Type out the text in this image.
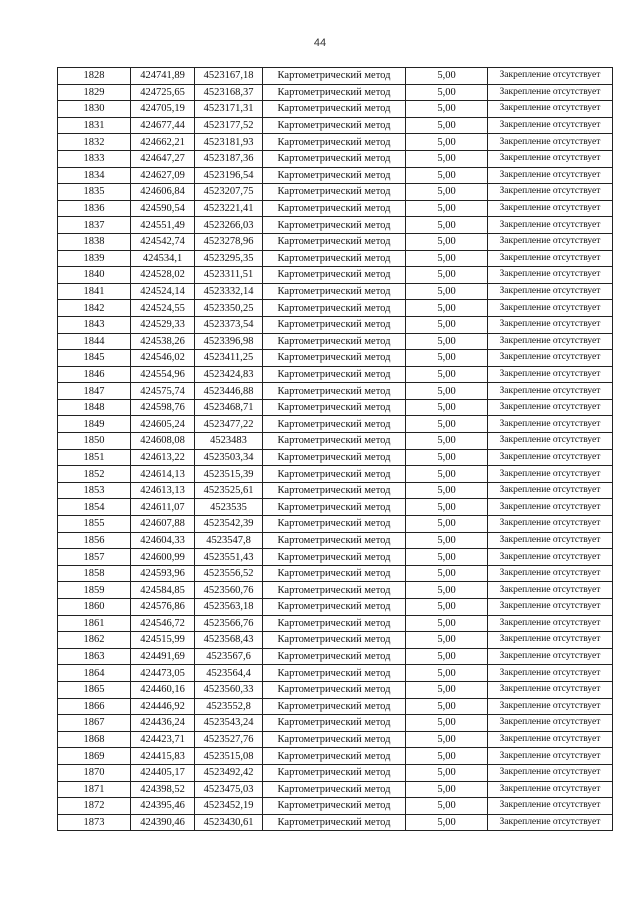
44
1828	424741,89	4523167,18	Картометрический метод	5,00	Закрепление отсутствует
1829	424725,65	4523168,37	Картометрический метод	5,00	Закрепление отсутствует
1830	424705,19	4523171,31	Картометрический метод	5,00	Закрепление отсутствует
1831	424677,44	4523177,52	Картометрический метод	5,00	Закрепление отсутствует
1832	424662,21	4523181,93	Картометрический метод	5,00	Закрепление отсутствует
1833	424647,27	4523187,36	Картометрический метод	5,00	Закрепление отсутствует
1834	424627,09	4523196,54	Картометрический метод	5,00	Закрепление отсутствует
1835	424606,84	4523207,75	Картометрический метод	5,00	Закрепление отсутствует
1836	424590,54	4523221,41	Картометрический метод	5,00	Закрепление отсутствует
1837	424551,49	4523266,03	Картометрический метод	5,00	Закрепление отсутствует
1838	424542,74	4523278,96	Картометрический метод	5,00	Закрепление отсутствует
1839	424534,1	4523295,35	Картометрический метод	5,00	Закрепление отсутствует
1840	424528,02	4523311,51	Картометрический метод	5,00	Закрепление отсутствует
1841	424524,14	4523332,14	Картометрический метод	5,00	Закрепление отсутствует
1842	424524,55	4523350,25	Картометрический метод	5,00	Закрепление отсутствует
1843	424529,33	4523373,54	Картометрический метод	5,00	Закрепление отсутствует
1844	424538,26	4523396,98	Картометрический метод	5,00	Закрепление отсутствует
1845	424546,02	4523411,25	Картометрический метод	5,00	Закрепление отсутствует
1846	424554,96	4523424,83	Картометрический метод	5,00	Закрепление отсутствует
1847	424575,74	4523446,88	Картометрический метод	5,00	Закрепление отсутствует
1848	424598,76	4523468,71	Картометрический метод	5,00	Закрепление отсутствует
1849	424605,24	4523477,22	Картометрический метод	5,00	Закрепление отсутствует
1850	424608,08	4523483	Картометрический метод	5,00	Закрепление отсутствует
1851	424613,22	4523503,34	Картометрический метод	5,00	Закрепление отсутствует
1852	424614,13	4523515,39	Картометрический метод	5,00	Закрепление отсутствует
1853	424613,13	4523525,61	Картометрический метод	5,00	Закрепление отсутствует
1854	424611,07	4523535	Картометрический метод	5,00	Закрепление отсутствует
1855	424607,88	4523542,39	Картометрический метод	5,00	Закрепление отсутствует
1856	424604,33	4523547,8	Картометрический метод	5,00	Закрепление отсутствует
1857	424600,99	4523551,43	Картометрический метод	5,00	Закрепление отсутствует
1858	424593,96	4523556,52	Картометрический метод	5,00	Закрепление отсутствует
1859	424584,85	4523560,76	Картометрический метод	5,00	Закрепление отсутствует
1860	424576,86	4523563,18	Картометрический метод	5,00	Закрепление отсутствует
1861	424546,72	4523566,76	Картометрический метод	5,00	Закрепление отсутствует
1862	424515,99	4523568,43	Картометрический метод	5,00	Закрепление отсутствует
1863	424491,69	4523567,6	Картометрический метод	5,00	Закрепление отсутствует
1864	424473,05	4523564,4	Картометрический метод	5,00	Закрепление отсутствует
1865	424460,16	4523560,33	Картометрический метод	5,00	Закрепление отсутствует
1866	424446,92	4523552,8	Картометрический метод	5,00	Закрепление отсутствует
1867	424436,24	4523543,24	Картометрический метод	5,00	Закрепление отсутствует
1868	424423,71	4523527,76	Картометрический метод	5,00	Закрепление отсутствует
1869	424415,83	4523515,08	Картометрический метод	5,00	Закрепление отсутствует
1870	424405,17	4523492,42	Картометрический метод	5,00	Закрепление отсутствует
1871	424398,52	4523475,03	Картометрический метод	5,00	Закрепление отсутствует
1872	424395,46	4523452,19	Картометрический метод	5,00	Закрепление отсутствует
1873	424390,46	4523430,61	Картометрический метод	5,00	Закрепление отсутствует
